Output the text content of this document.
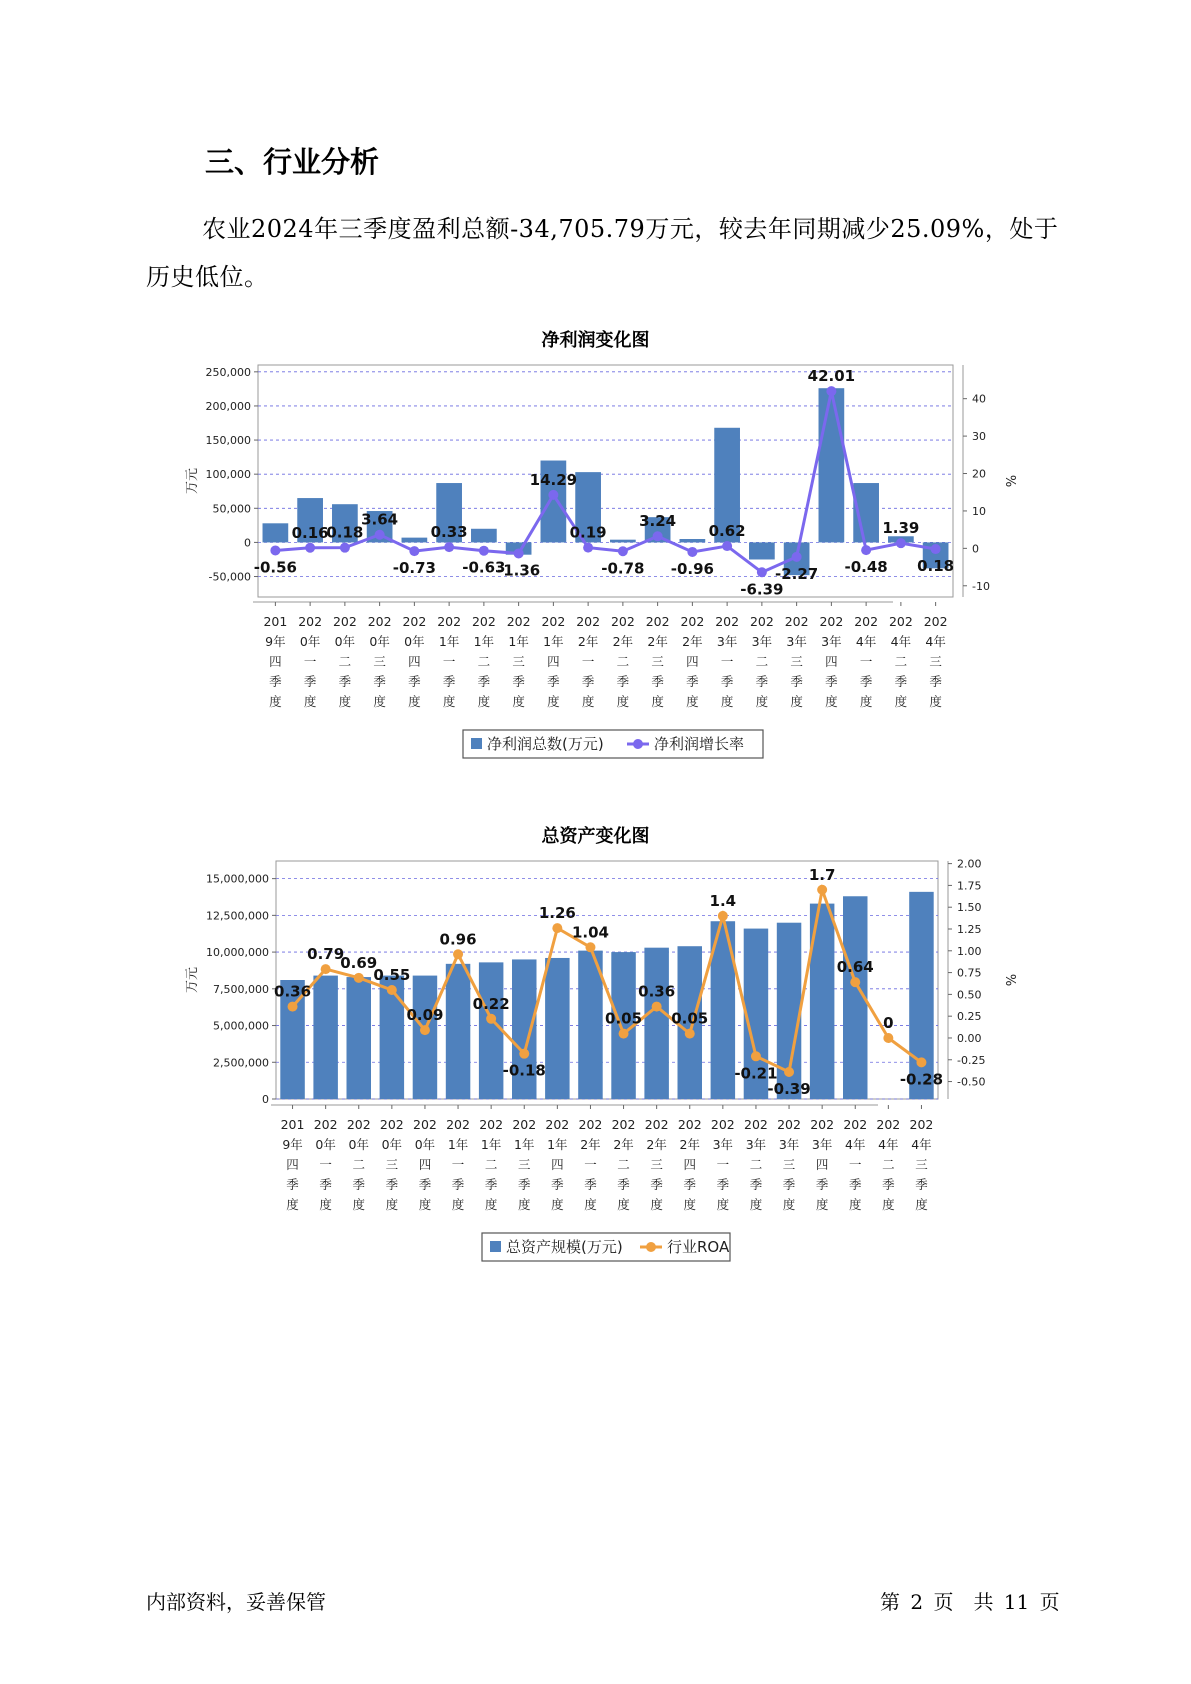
三、行业分析

农业2024年三季度盈利总额-34,705.79万元，较去年同期减少25.09%，处于历史低位。

净利润变化图
-50,000
0
50,000
100,000
150,000
200,000
250,000
-10
0
10
20
30
40
万元	%
-0.56
0.16
0.18
3.64
-0.73
0.33
-0.63
-1.36
14.29
0.19
-0.78
3.24
-0.96
0.62
-6.39
-2.27
42.01
-0.48
1.39
0.18
201 9年四季度
202 0年一季度
202 0年二季度
202 0年三季度
202 0年四季度
202 1年一季度
202 1年二季度
202 1年三季度
202 1年四季度
202 2年一季度
202 2年二季度
202 2年三季度
202 2年四季度
202 3年一季度
202 3年二季度
202 3年三季度
202 3年四季度
202 4年一季度
202 4年二季度
202 4年三季度
净利润总数(万元)	净利润增长率
总资产变化图
0
2,500,000
5,000,000
7,500,000
10,000,000
12,500,000
15,000,000
-0.50
-0.25
0.00
0.25
0.50
0.75
1.00
1.25
1.50
1.75
2.00
万元	%
0.36
0.79
0.69
0.55
0.09
0.96
0.22
-0.18
1.26
1.04
0.05
0.36
0.05
1.4
-0.21
-0.39
1.7
0.64
0
-0.28
201 9年四季度
202 0年一季度
202 0年二季度
202 0年三季度
202 0年四季度
202 1年一季度
202 1年二季度
202 1年三季度
202 1年四季度
202 2年一季度
202 2年二季度
202 2年三季度
202 2年四季度
202 3年一季度
202 3年二季度
202 3年三季度
202 3年四季度
202 4年一季度
202 4年二季度
202 4年三季度
总资产规模(万元)	行业ROA
内部资料，妥善保管	第 2 页　共 11 页
